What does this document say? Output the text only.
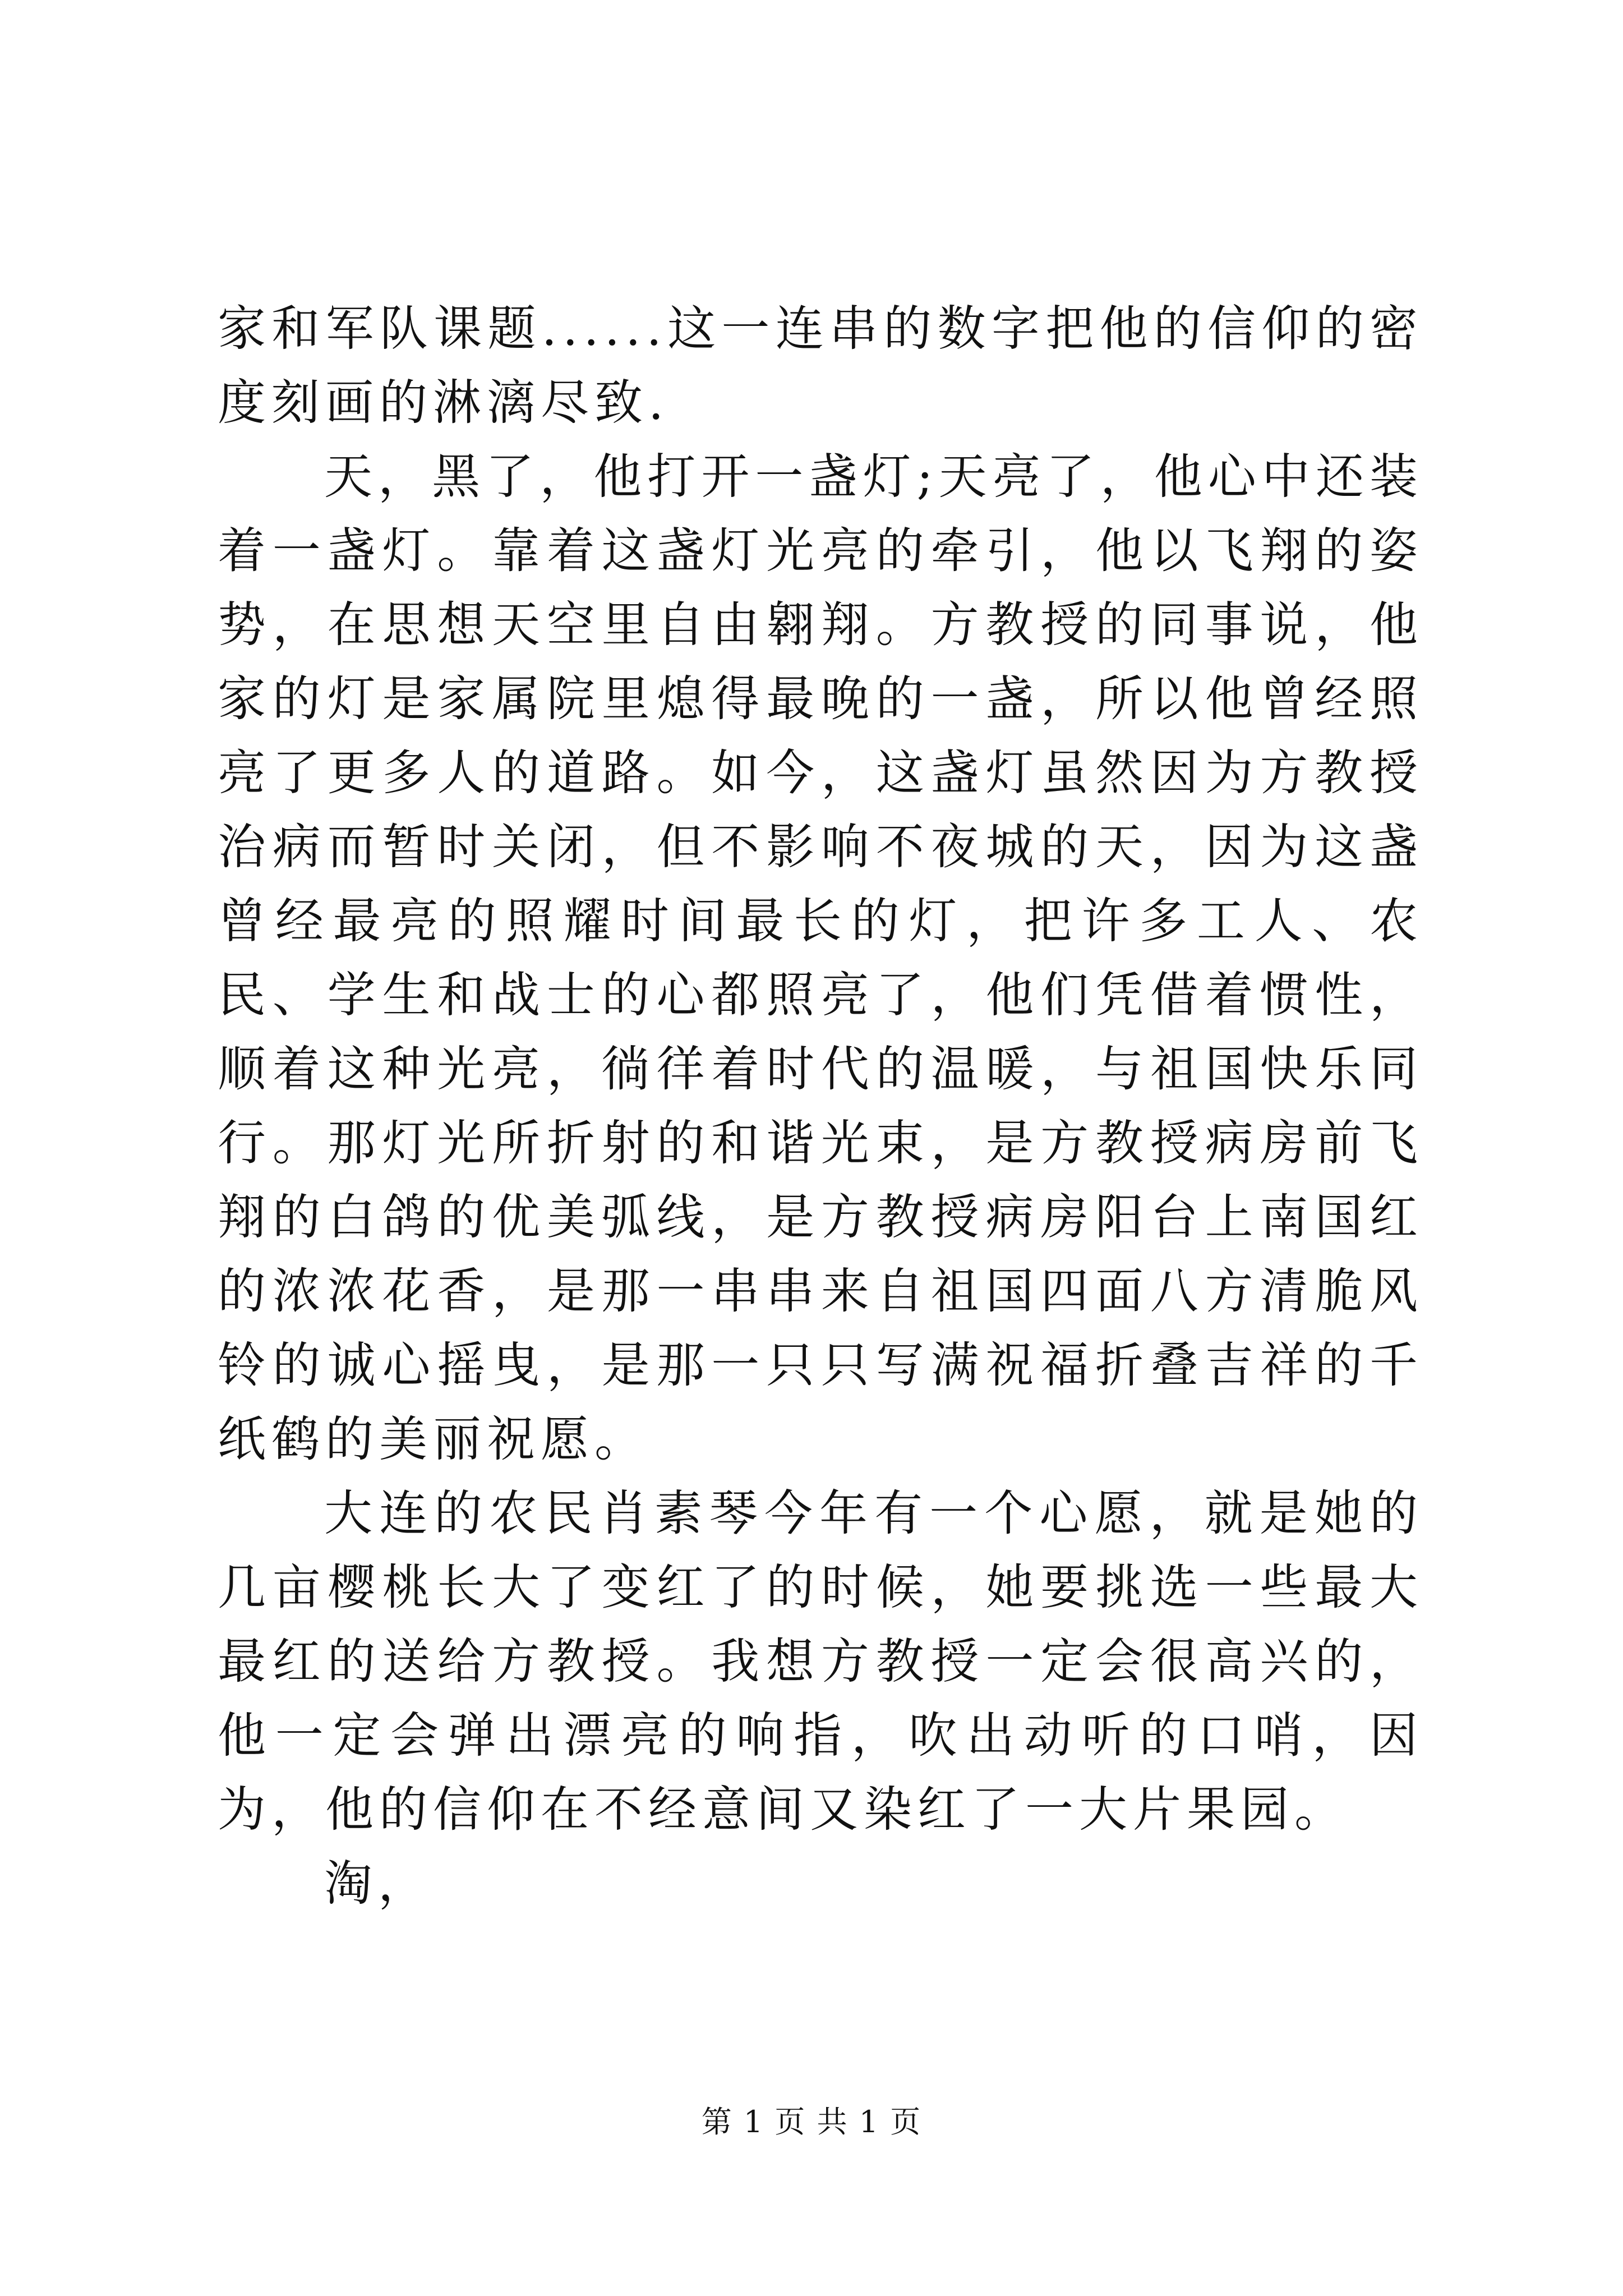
家和军队课题......这一连串的数字把他的信仰的密度刻画的淋漓尽致.

天，黑了，他打开一盏灯;天亮了，他心中还装着一盏灯。靠着这盏灯光亮的牵引，他以飞翔的姿势，在思想天空里自由翱翔。方教授的同事说，他家的灯是家属院里熄得最晚的一盏，所以他曾经照亮了更多人的道路。如今，这盏灯虽然因为方教授治病而暂时关闭，但不影响不夜城的天，因为这盏曾经最亮的照耀时间最长的灯，把许多工人、农民、学生和战士的心都照亮了，他们凭借着惯性，顺着这种光亮，徜徉着时代的温暖，与祖国快乐同行。那灯光所折射的和谐光束，是方教授病房前飞翔的白鸽的优美弧线，是方教授病房阳台上南国红的浓浓花香，是那一串串来自祖国四面八方清脆风铃的诚心摇曳，是那一只只写满祝福折叠吉祥的千纸鹤的美丽祝愿。

大连的农民肖素琴今年有一个心愿，就是她的几亩樱桃长大了变红了的时候，她要挑选一些最大最红的送给方教授。我想方教授一定会很高兴的，他一定会弹出漂亮的响指，吹出动听的口哨，因为，他的信仰在不经意间又染红了一大片果园。

淘，

第 1 页 共 1 页
